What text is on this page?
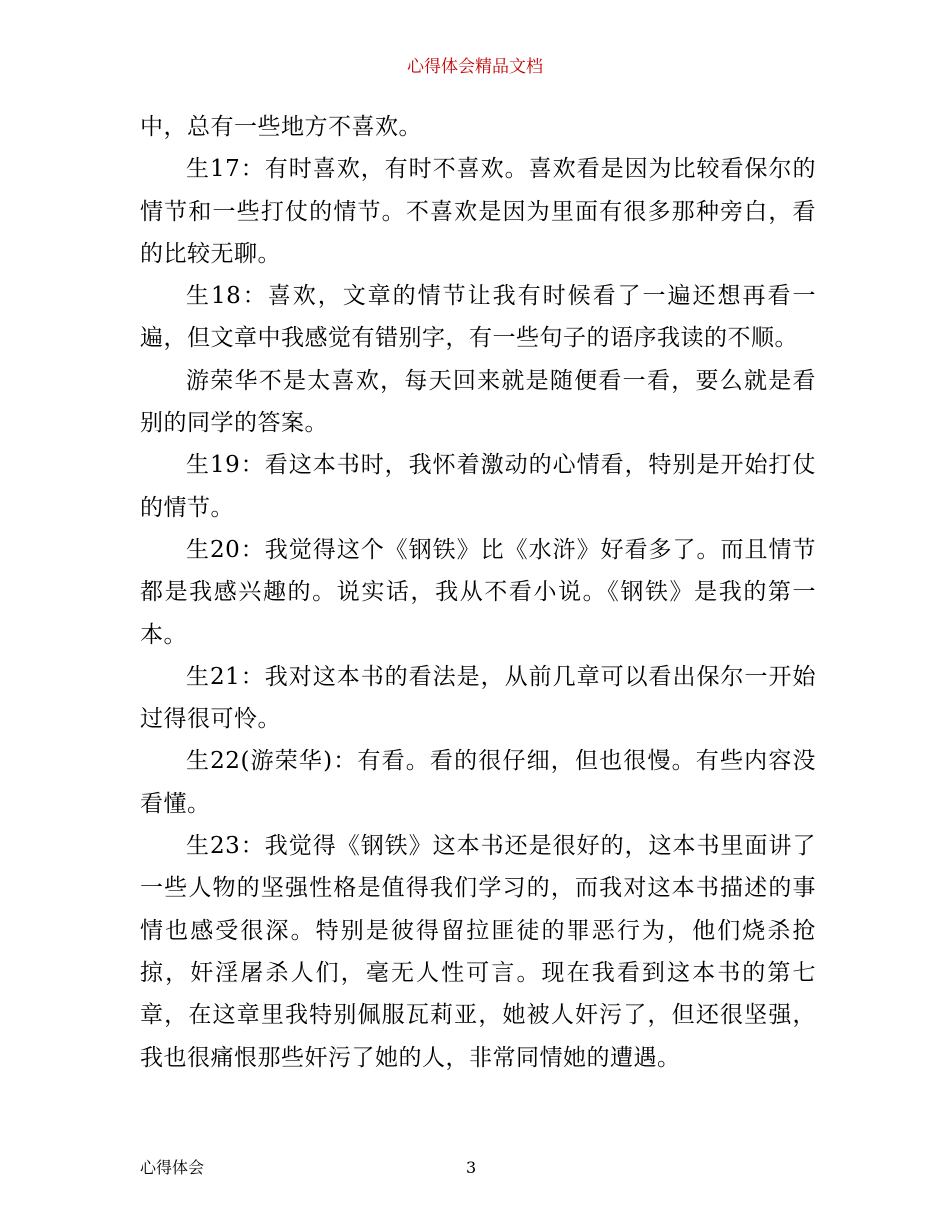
心得体会精品文档

中，总有一些地方不喜欢。

生17：有时喜欢，有时不喜欢。喜欢看是因为比较看保尔的情节和一些打仗的情节。不喜欢是因为里面有很多那种旁白，看的比较无聊。

生18：喜欢，文章的情节让我有时候看了一遍还想再看一遍，但文章中我感觉有错别字，有一些句子的语序我读的不顺。

游荣华不是太喜欢，每天回来就是随便看一看，要么就是看别的同学的答案。

生19：看这本书时，我怀着激动的心情看，特别是开始打仗的情节。

生20：我觉得这个《钢铁》比《水浒》好看多了。而且情节都是我感兴趣的。说实话，我从不看小说。《钢铁》是我的第一本。

生21：我对这本书的看法是，从前几章可以看出保尔一开始过得很可怜。

生22(游荣华)：有看。看的很仔细，但也很慢。有些内容没看懂。

生23：我觉得《钢铁》这本书还是很好的，这本书里面讲了一些人物的坚强性格是值得我们学习的，而我对这本书描述的事情也感受很深。特别是彼得留拉匪徒的罪恶行为，他们烧杀抢掠，奸淫屠杀人们，毫无人性可言。现在我看到这本书的第七章，在这章里我特别佩服瓦莉亚，她被人奸污了，但还很坚强，我也很痛恨那些奸污了她的人，非常同情她的遭遇。

心得体会	3
